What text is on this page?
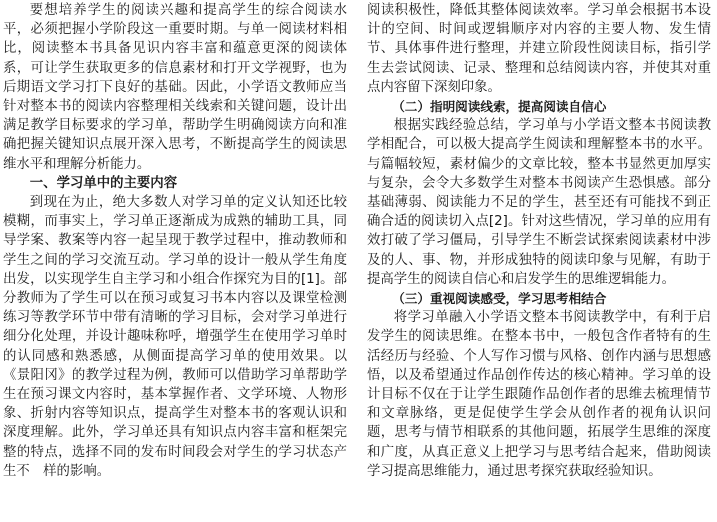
要想培养学生的阅读兴趣和提高学生的综合阅读水平，必须把握小学阶段这一重要时期。与单一阅读材料相比，阅读整本书具备见识内容丰富和蕴意更深的阅读体系，可让学生获取更多的信息素材和打开文学视野，也为后期语文学习打下良好的基础。因此，小学语文教师应当针对整本书的阅读内容整理相关线索和关键问题，设计出满足教学目标要求的学习单，帮助学生明确阅读方向和准确把握关键知识点展开深入思考，不断提高学生的阅读思维水平和理解分析能力。

一、学习单中的主要内容

到现在为止，绝大多数人对学习单的定义认知还比较模糊，而事实上，学习单正逐渐成为成熟的辅助工具，同导学案、教案等内容一起呈现于教学过程中，推动教师和学生之间的学习交流互动。学习单的设计一般从学生角度出发，以实现学生自主学习和小组合作探究为目的[1]。部分教师为了学生可以在预习或复习书本内容以及课堂检测练习等教学环节中带有清晰的学习目标，会对学习单进行细分化处理，并设计趣味称呼，增强学生在使用学习单时的认同感和熟悉感，从侧面提高学习单的使用效果。以《景阳冈》的教学过程为例，教师可以借助学习单帮助学生在预习课文内容时，基本掌握作者、文学环境、人物形象、折射内容等知识点，提高学生对整本书的客观认识和深度理解。此外，学习单还具有知识点内容丰富和框架完整的特点，选择不同的发布时间段会对学生的学习状态产生不　样的影响。

阅读积极性，降低其整体阅读效率。学习单会根据书本设计的空间、时间或逻辑顺序对内容的主要人物、发生情节、具体事件进行整理，并建立阶段性阅读目标，指引学生去尝试阅读、记录、整理和总结阅读内容，并使其对重点内容留下深刻印象。

（二）指明阅读线索，提高阅读自信心

根据实践经验总结，学习单与小学语文整本书阅读教学相配合，可以极大提高学生阅读和理解整本书的水平。与篇幅较短，素材偏少的文章比较，整本书显然更加厚实与复杂，会令大多数学生对整本书阅读产生恐惧感。部分基础薄弱、阅读能力不足的学生，甚至还有可能找不到正确合适的阅读切入点[2]。针对这些情况，学习单的应用有效打破了学习僵局，引导学生不断尝试探索阅读素材中涉及的人、事、物，并形成独特的阅读印象与见解，有助于提高学生的阅读自信心和启发学生的思维逻辑能力。

（三）重视阅读感受，学习思考相结合

将学习单融入小学语文整本书阅读教学中，有利于启发学生的阅读思维。在整本书中，一般包含作者特有的生活经历与经验、个人写作习惯与风格、创作内涵与思想感悟，以及希望通过作品创作传达的核心精神。学习单的设计目标不仅在于让学生跟随作品创作者的思维去梳理情节和文章脉络，更是促使学生学会从创作者的视角认识问题，思考与情节相联系的其他问题，拓展学生思维的深度和广度，从真正意义上把学习与思考结合起来，借助阅读学习提高思维能力，通过思考探究获取经验知识。
